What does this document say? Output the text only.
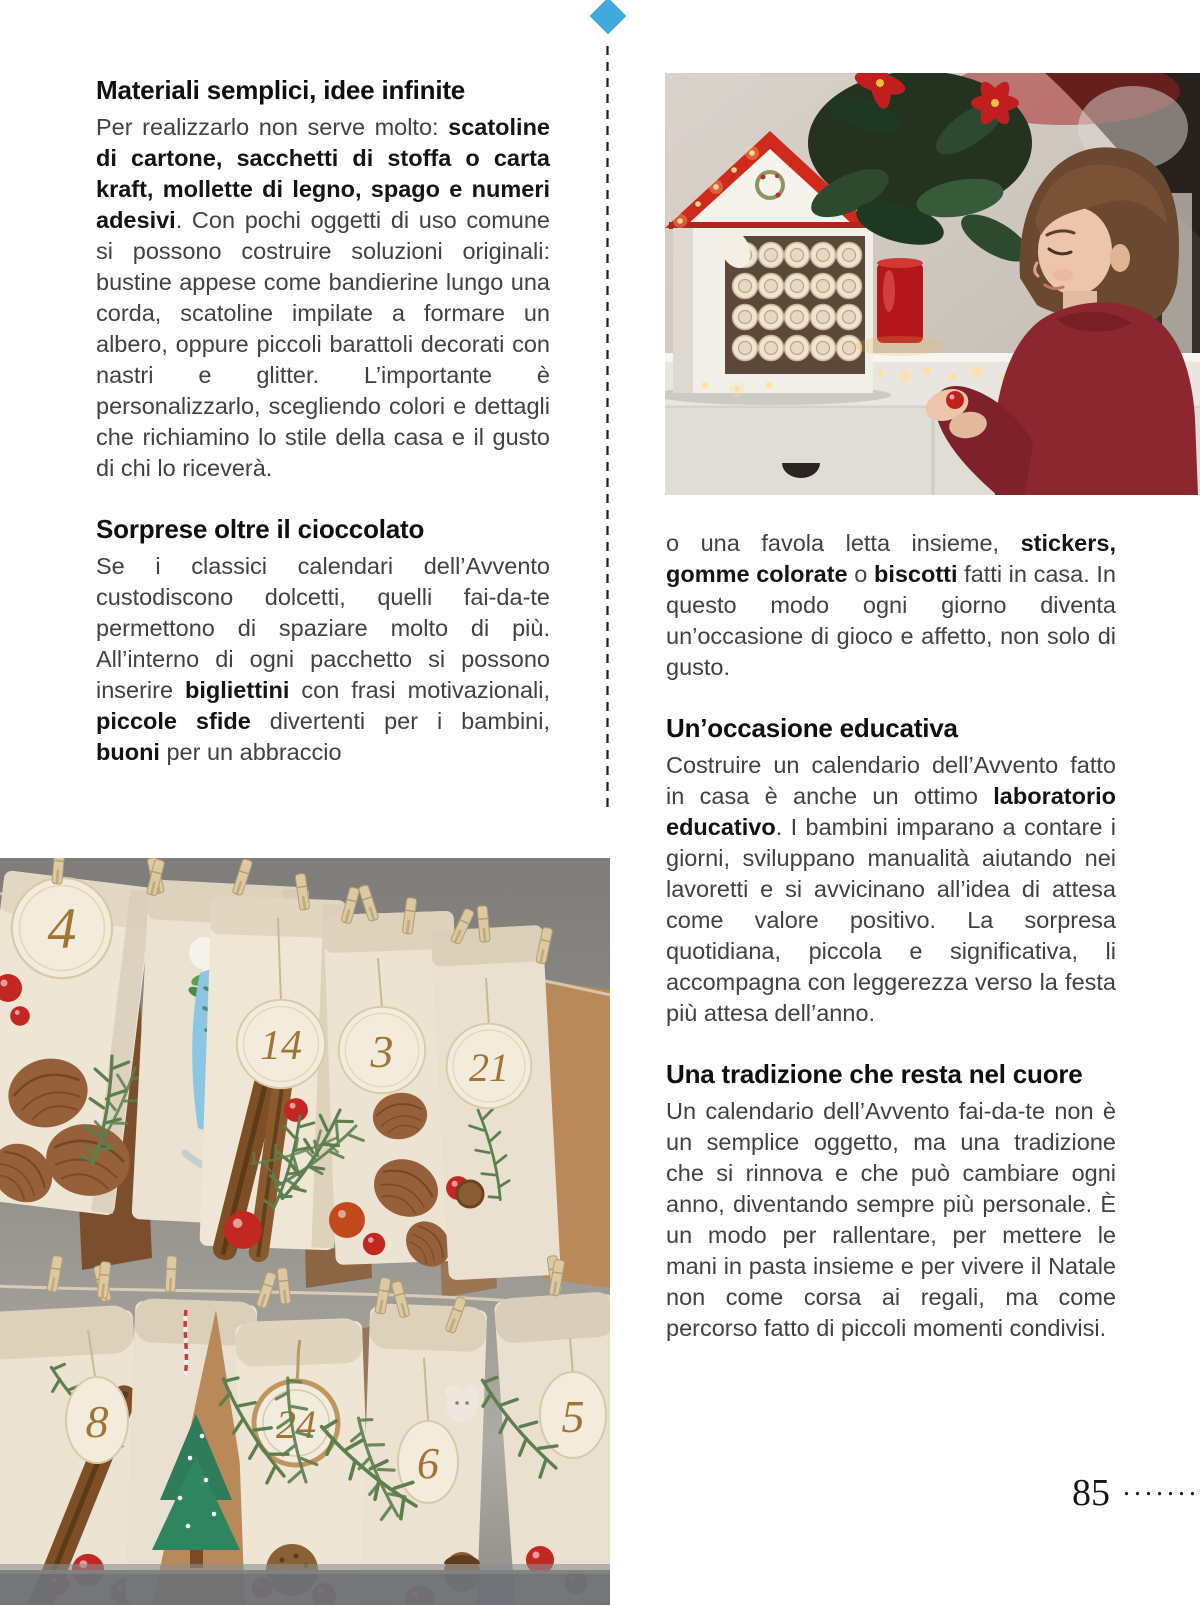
Materiali semplici, idee infinite

Per realizzarlo non serve molto: scatoline di cartone, sacchetti di stoffa o carta kraft, mollette di legno, spago e numeri adesivi. Con pochi oggetti di uso comune si possono costruire soluzioni originali: bustine appese come bandierine lungo una corda, scatoline impilate a formare un albero, oppure piccoli barattoli decorati con nastri e glitter. L’importante è personalizzarlo, scegliendo colori e dettagli che richiamino lo stile della casa e il gusto di chi lo riceverà.

Sorprese oltre il cioccolato

Se i classici calendari dell’Avvento custodiscono dolcetti, quelli fai-da-te permettono di spaziare molto di più. All’interno di ogni pacchetto si possono inserire bigliettini con frasi motivazionali, piccole sfide divertenti per i bambini, buoni per un abbraccio

o una favola letta insieme, stickers, gomme colorate o biscotti fatti in casa. In questo modo ogni giorno diventa un’occasione di gioco e affetto, non solo di gusto.

Un’occasione educativa

Costruire un calendario dell’Avvento fatto in casa è anche un ottimo laboratorio educativo. I bambini imparano a contare i giorni, sviluppano manualità aiutando nei lavoretti e si avvicinano all’idea di attesa come valore positivo. La sorpresa quotidiana, piccola e significativa, li accompagna con leggerezza verso la festa più attesa dell’anno.

Una tradizione che resta nel cuore

Un calendario dell’Avvento fai-da-te non è un semplice oggetto, ma una tradizione che si rinnova e che può cambiare ogni anno, diventando sempre più personale. È un modo per rallentare, per mettere le mani in pasta insieme e per vivere il Natale non come corsa ai regali, ma come percorso fatto di piccoli momenti condivisi.

4
14 3 21
8	24
6
5
85 .......
